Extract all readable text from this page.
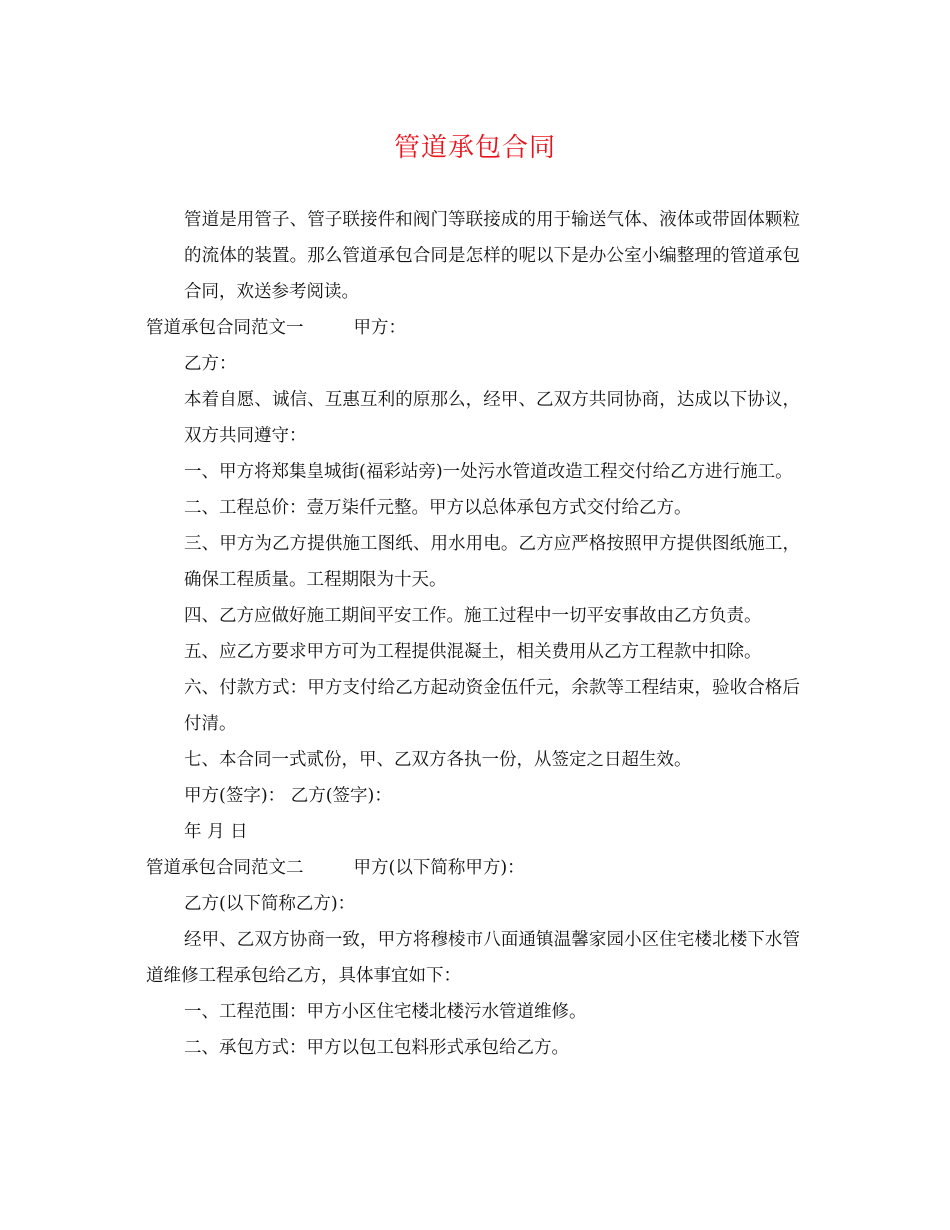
管道承包合同

管道是用管子、管子联接件和阀门等联接成的用于输送气体、液体或带固体颗粒的流体的装置。那么管道承包合同是怎样的呢以下是办公室小编整理的管道承包合同，欢送参考阅读。

管道承包合同范文一	甲方：

乙方：

本着自愿、诚信、互惠互利的原那么，经甲、乙双方共同协商，达成以下协议，双方共同遵守：

一、甲方将郑集皇城街(福彩站旁)一处污水管道改造工程交付给乙方进行施工。

二、工程总价：壹万柒仟元整。甲方以总体承包方式交付给乙方。

三、甲方为乙方提供施工图纸、用水用电。乙方应严格按照甲方提供图纸施工，确保工程质量。工程期限为十天。

四、乙方应做好施工期间平安工作。施工过程中一切平安事故由乙方负责。

五、应乙方要求甲方可为工程提供混凝土，相关费用从乙方工程款中扣除。

六、付款方式：甲方支付给乙方起动资金伍仟元，余款等工程结束，验收合格后付清。

七、本合同一式贰份，甲、乙双方各执一份，从签定之日超生效。

甲方(签字)： 乙方(签字)：

年 月 日

管道承包合同范文二	甲方(以下简称甲方)：

乙方(以下简称乙方)：

经甲、乙双方协商一致，甲方将穆棱市八面通镇温馨家园小区住宅楼北楼下水管道维修工程承包给乙方，具体事宜如下：

一、工程范围：甲方小区住宅楼北楼污水管道维修。

二、承包方式：甲方以包工包料形式承包给乙方。
